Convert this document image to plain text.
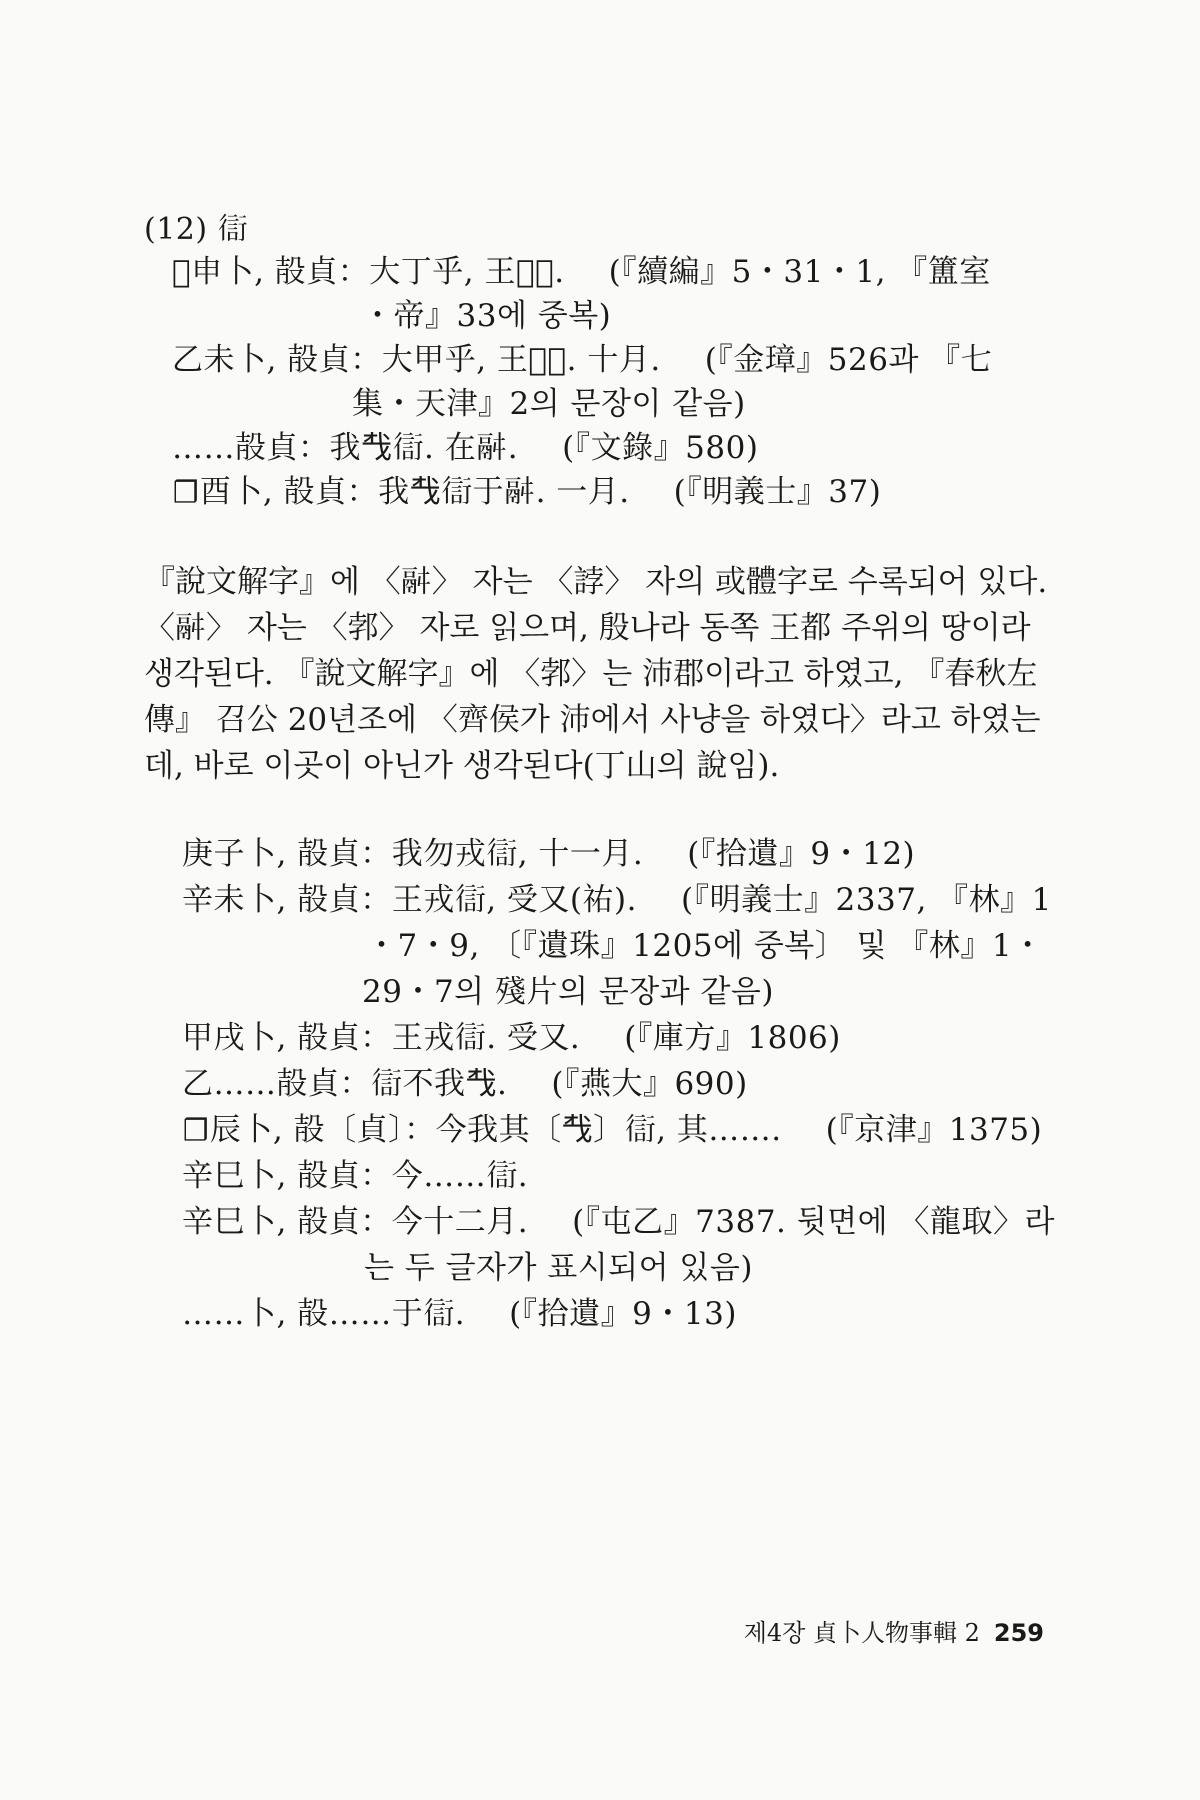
(12) 𧗳
☐申卜, 㱿貞：大丁乎, 王𦎫𧗳. (『續編』5・31・1, 『簠室
・帝』33에 중복)
乙未卜, 㱿貞：大甲乎, 王𦎫𧗳. 十月. (『金璋』526과 『七
集・天津』2의 문장이 같음)
……㱿貞：我𢦔𧗳. 在𩰫. (『文錄』580)
☐酉卜, 㱿貞：我𢦔𧗳于𩰫. 一月. (『明義士』37)
『說文解字』에 〈𩰫〉 자는 〈誖〉 자의 或體字로 수록되어 있다.
〈𩰫〉 자는 〈郣〉 자로 읽으며, 殷나라 동쪽 王都 주위의 땅이라
생각된다. 『說文解字』에 〈郣〉는 沛郡이라고 하였고, 『春秋左
傳』 召公 20년조에 〈齊侯가 沛에서 사냥을 하였다〉라고 하였는
데, 바로 이곳이 아닌가 생각된다(丁山의 說임).
庚子卜, 㱿貞：我勿戎𧗳, 十一月. (『拾遺』9・12)
辛未卜, 㱿貞：王戎𧗳, 受又(祐). (『明義士』2337, 『林』1
・7・9, 〔『遺珠』1205에 중복〕 및 『林』1・
29・7의 殘片의 문장과 같음)
甲戌卜, 㱿貞：王戎𧗳. 受又. (『庫方』1806)
乙……㱿貞：𧗳不我𢦔. (『燕大』690)
☐辰卜, 㱿〔貞〕：今我其〔𢦔〕𧗳, 其……. (『京津』1375)
辛巳卜, 㱿貞：今……𧗳.
辛巳卜, 㱿貞：今十二月. (『屯乙』7387. 뒷면에 〈龍取〉라
는 두 글자가 표시되어 있음)
……卜, 㱿……于𧗳. (『拾遺』9・13)
제4장 貞卜人物事輯 2 259
